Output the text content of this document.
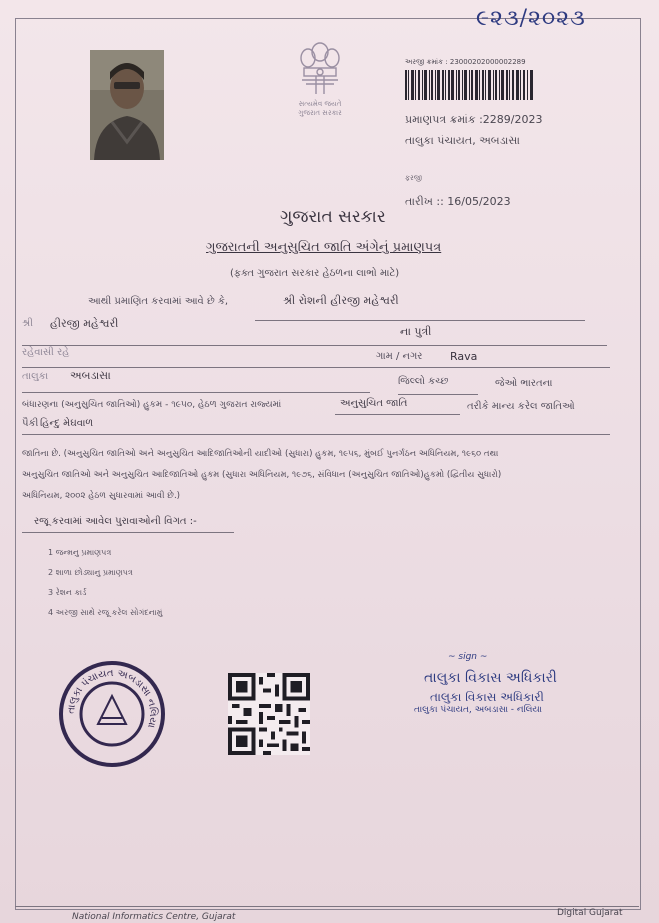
૯૨૩/૨૦૨૩
સત્યમેવ જયતે
ગુજરાત સરકાર
અરજી ક્રમાંક : 23000202000002289
પ્રમાણપત્ર ક્રમાંક :2289/2023
તાલુકા પંચાયત, અબડાસા
ફરજી
તારીખ :: 16/05/2023
ગુજરાત સરકાર
ગુજરાતની અનુસુચિત જાતિ અંગેનું પ્રમાણપત્ર
(ફક્ત ગુજરાત સરકાર હેઠળના લાભો માટે)
આથી પ્રમાણિત કરવામાં આવે છે કે,	શ્રી રોશની હીરજી મહેશ્વરી
શ્રી હીરજી મહેશ્વરી
ના પુત્રી
રહેવાસી રહે	ગામ / નગર	Rava
તાલુકા અબડાસા	જિલ્લો કચ્છ	જેઓ ભારતના
બંધારણના (અનુસુચિત જાતિઓ) હુકમ - ૧૯૫૦, હેઠળ ગુજરાત રાજ્યમાં	અનુસુચિત જાતિ	તરીકે માન્ય કરેલ જાતિઓ
પૈકી હિન્દુ મેઘવાળ
જાતિના છે. (અનુસુચિત જાતિઓ અને અનુસુચિત આદિજાતિઓની યાદીઓ (સુધારા) હુકમ, ૧૯૫૬, મુંબઈ પુનર્ગઠન અધિનિયમ, ૧૯૬૦ તથા
અનુસુચિત જાતિઓ અને અનુસુચિત આદિજાતિઓ હુકમ (સુધારા અધિનિયમ, ૧૯૭૬, સંવિધાન (અનુસુચિત જાતિઓ)હુકમો (દ્વિતીય સુધારો)
અધિનિયમ, ૨૦૦૨ હેઠળ સુધારવામાં આવી છે.)
રજૂ કરવામાં આવેલ પુરાવાઓની વિગત :-
1 જન્મનુ પ્રમાણપત્ર
2 શાળા છોડ્યાનુ પ્રમાણપત્ર
3 રેશન કાર્ડ
4 અરજી સાથે રજૂ કરેલ સોગંદનામું
તાલુકા પંચાયત અબડાસા નલિયા
~ sign ~
તાલુકા વિકાસ અધિકારી
તાલુકા વિકાસ અધિકારી
તાલુકા પંચાયત, અબડાસા - નલિયા
National Informatics Centre, Gujarat	Digital Gujarat
